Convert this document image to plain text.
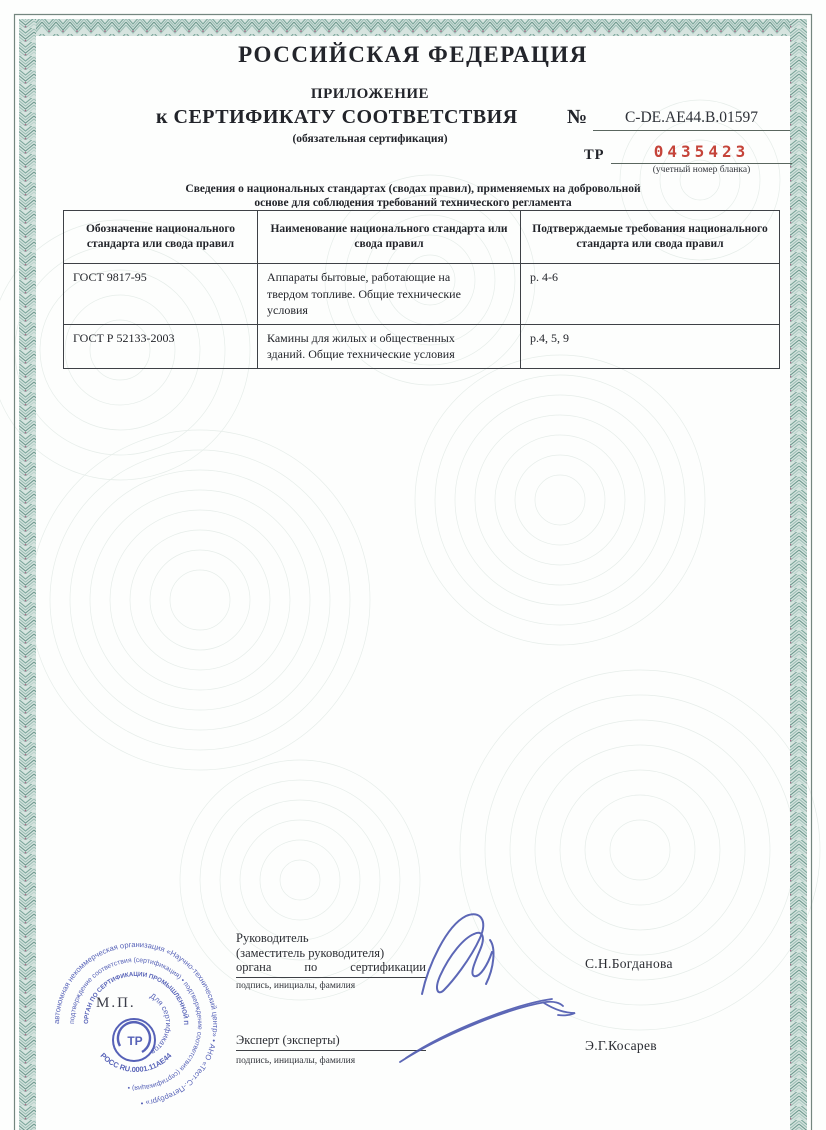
РОССИЙСКАЯ ФЕДЕРАЦИЯ
ПРИЛОЖЕНИЕ
к СЕРТИФИКАТУ СООТВЕТСТВИЯ №	C-DE.AE44.B.01597
(обязательная сертификация)
ТР	0435423
(учетный номер бланка)
Сведения о национальных стандартах (сводах правил), применяемых на добровольной
основе для соблюдения требований технического регламента
Обозначение национального стандарта или свода правил	Наименование национального стандарта или свода правил	Подтверждаемые требования национального стандарта или свода правил
ГОСТ 9817-95	Аппараты бытовые, работающие на твердом топливе. Общие технические условия	р. 4-6
ГОСТ Р 52133-2003	Камины для жилых и общественных зданий. Общие технические условия	р.4, 5, 9
Руководитель
(заместитель руководителя)
органа по сертификации
подпись, инициалы, фамилия
С.Н.Богданова
Эксперт (эксперты)
подпись, инициалы, фамилия
Э.Г.Косарев
автономная некоммерческая организация «Научно-технический центр» • АНО «Тест-С.-Петербург» •
подтверждение соответствия (сертификация) • подтверждение соответствия (сертификация) •
ОРГАН ПО СЕРТИФИКАЦИИ ПРОМЫШЛЕННОЙ ПРОДУКЦИИ
РОСС RU.0001.11АЕ44
Для сертификатов
ТР
М.П.
